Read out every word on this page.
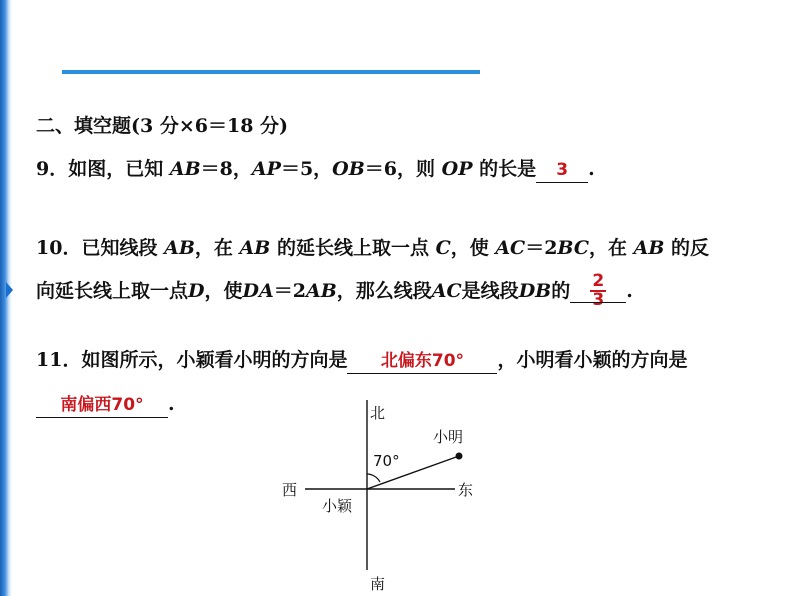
二、填空题(3 分×6＝18 分)
9．如图，已知 AB＝8，AP＝5，OB＝6，则 OP 的长是 3 .
10．已知线段 AB，在 AB 的延长线上取一点 C，使 AC＝2BC，在 AB 的反
向延长线上取一点 D ，使 DA ＝2 AB ，那么线段 AC 是线段 DB 的 $\frac{2}{3}$ .
11．如图所示，小颖看小明的方向是 北偏东70° ，小明看小颖的方向是
南偏西70° .	北
南
东
西
小明
小颖
70°
